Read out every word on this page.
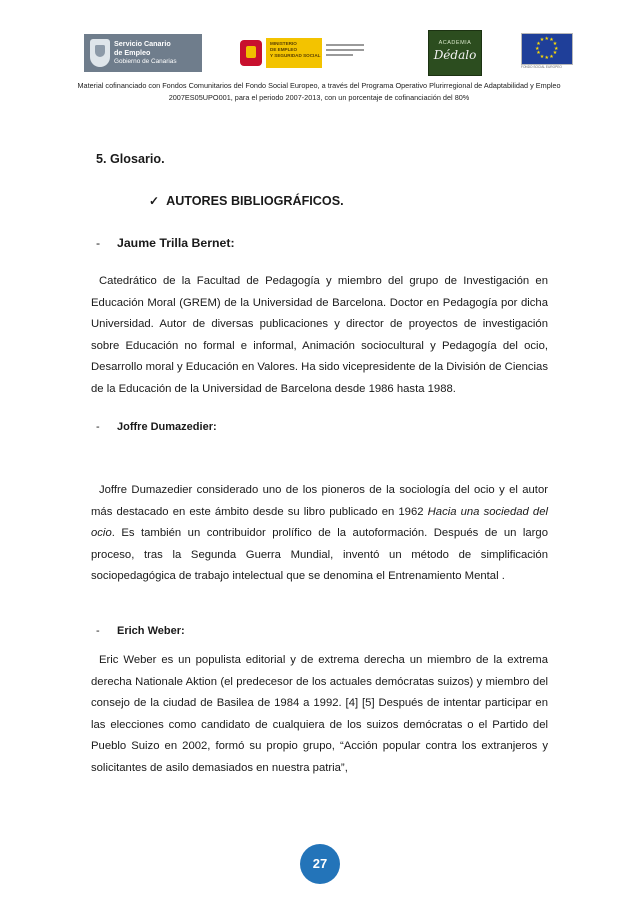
Servicio Canario
de Empleo
Gobierno de Canarias
MINISTERIO
DE EMPLEO
Y SEGURIDAD SOCIAL
ACADEMIA
Dédalo
★ ★
★
★
★
★
★
★
★
★
★
★
FONDO SOCIAL EUROPEO
Material cofinanciado con Fondos Comunitarios del Fondo Social Europeo, a través del Programa Operativo Plurirregional de Adaptabilidad y Empleo 2007ES05UPO001, para el periodo 2007-2013, con un porcentaje de cofinanciación del 80%
5. Glosario.
✓ AUTORES BIBLIOGRÁFICOS.
- Jaume Trilla Bernet:
Catedrático de la Facultad de Pedagogía y miembro del grupo de Investigación en Educación Moral (GREM) de la Universidad de Barcelona. Doctor en Pedagogía por dicha Universidad. Autor de diversas publicaciones y director de proyectos de investigación sobre Educación no formal e informal, Animación sociocultural y Pedagogía del ocio, Desarrollo moral y Educación en Valores. Ha sido vicepresidente de la División de Ciencias de la Educación de la Universidad de Barcelona desde 1986 hasta 1988.
- Joffre Dumazedier:
Joffre Dumazedier considerado uno de los pioneros de la sociología del ocio y el autor más destacado en este ámbito desde su libro publicado en 1962 Hacia una sociedad del ocio. Es también un contribuidor prolífico de la autoformación. Después de un largo proceso, tras la Segunda Guerra Mundial, inventó un método de simplificación sociopedagógica de trabajo intelectual que se denomina el Entrenamiento Mental .
- Erich Weber:
Eric Weber es un populista editorial y de extrema derecha un miembro de la extrema derecha Nationale Aktion (el predecesor de los actuales demócratas suizos) y miembro del consejo de la ciudad de Basilea de 1984 a 1992. [4] [5] Después de intentar participar en las elecciones como candidato de cualquiera de los suizos demócratas o el Partido del Pueblo Suizo en 2002, formó su propio grupo, “Acción popular contra los extranjeros y solicitantes de asilo demasiados en nuestra patria”,
27
